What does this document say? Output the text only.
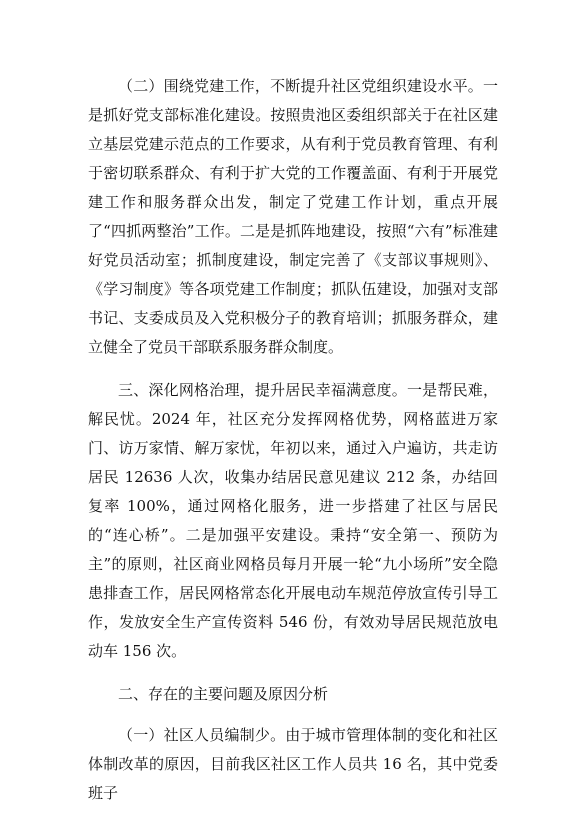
（二）围绕党建工作，不断提升社区党组织建设水平。一是抓好党支部标准化建设。按照贵池区委组织部关于在社区建立基层党建示范点的工作要求，从有利于党员教育管理、有利于密切联系群众、有利于扩大党的工作覆盖面、有利于开展党建工作和服务群众出发，制定了党建工作计划，重点开展了“四抓两整治”工作。二是是抓阵地建设，按照“六有”标准建好党员活动室；抓制度建设，制定完善了《支部议事规则》、《学习制度》等各项党建工作制度；抓队伍建设，加强对支部书记、支委成员及入党积极分子的教育培训；抓服务群众，建立健全了党员干部联系服务群众制度。

三、深化网格治理，提升居民幸福满意度。一是帮民难，解民忧。2024 年，社区充分发挥网格优势，网格蓝进万家门、访万家情、解万家忧，年初以来，通过入户遍访，共走访居民 12636 人次，收集办结居民意见建议 212 条，办结回复率 100%，通过网格化服务，进一步搭建了社区与居民的“连心桥”。二是加强平安建设。秉持“安全第一、预防为主”的原则，社区商业网格员每月开展一轮“九小场所”安全隐患排查工作，居民网格常态化开展电动车规范停放宣传引导工作，发放安全生产宣传资料 546 份，有效劝导居民规范放电动车 156 次。

二、存在的主要问题及原因分析

（一）社区人员编制少。由于城市管理体制的变化和社区体制改革的原因，目前我区社区工作人员共 16 名，其中党委班子
